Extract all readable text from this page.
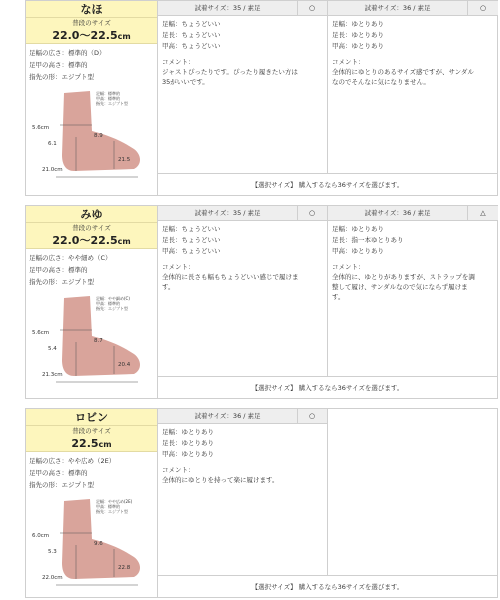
なほ
普段のサイズ
22.0〜22.5cm
足幅の広さ：標準的（D）
足甲の高さ：標準的
指先の形：エジプト型
足幅：標準的
甲高：標準的
指先：エジプト型
5.6cm
6.1
8.9
21.5
21.0cm
試着サイズ：35 / 素足	○
足幅：ちょうどいい
足長：ちょうどいい
甲高：ちょうどいい
コメント：
ジャストぴったりです。ぴったり履きたい方は
35がいいです。
試着サイズ：36 / 素足	○
足幅：ゆとりあり
足長：ゆとりあり
甲高：ゆとりあり
コメント：
全体的にゆとりのあるサイズ感ですが、サンダル
なのでそんなに気になりません。
【選択サイズ】 購入するなら36サイズを選びます。
みゆ
普段のサイズ
22.0〜22.5cm
足幅の広さ：やや細め（C）
足甲の高さ：標準的
指先の形：エジプト型
足幅：やや細め(C)
甲高：標準的
指先：エジプト型
5.6cm
5.4
8.7
20.4
21.3cm
試着サイズ：35 / 素足	○
足幅：ちょうどいい
足長：ちょうどいい
甲高：ちょうどいい
コメント：
全体的に長さも幅もちょうどいい感じで履けま
す。
試着サイズ：36 / 素足	△
足幅：ゆとりあり
足長：指一本ゆとりあり
甲高：ゆとりあり
コメント：
全体的に、ゆとりがありますが、ストラップを調
整して履け、サンダルなので気にならず履けま
す。
【選択サイズ】 購入するなら36サイズを選びます。
ロビン
普段のサイズ
22.5cm
足幅の広さ：やや広め（2E）
足甲の高さ：標準的
指先の形：エジプト型
足幅：やや広め(2E)
甲高：標準的
指先：エジプト型
6.0cm
5.3
9.6
22.8
22.0cm
試着サイズ：36 / 素足	○
足幅：ゆとりあり
足長：ゆとりあり
甲高：ゆとりあり
コメント：
全体的にゆとりを持って楽に履けます。
【選択サイズ】 購入するなら36サイズを選びます。
